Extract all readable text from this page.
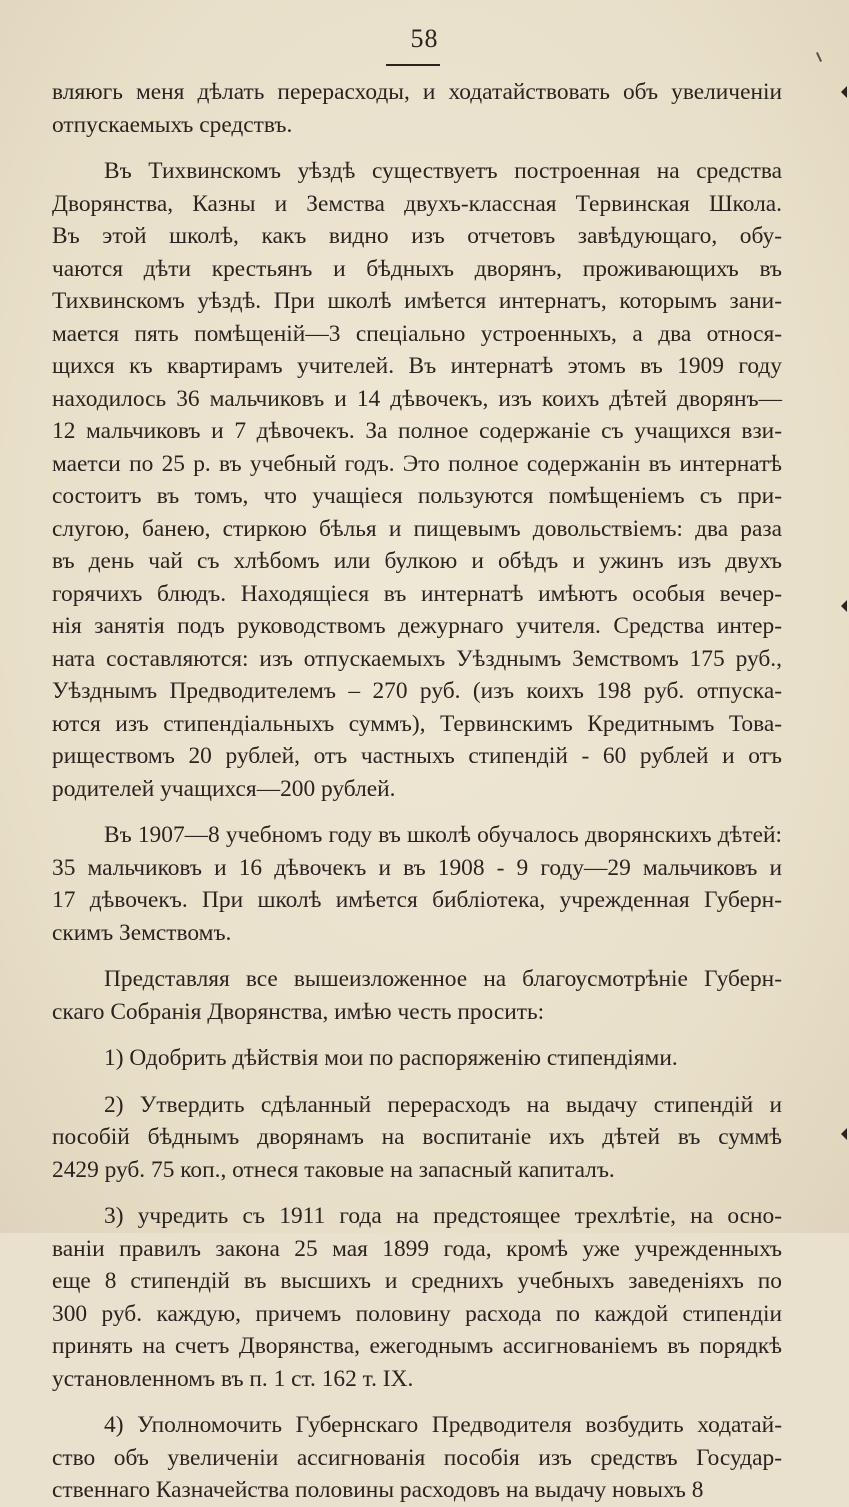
58
вляюгь меня дѣлать перерасходы, и ходатайствовать объ увеличеніи
отпускаемыхъ средствъ.
Въ Тихвинскомъ уѣздѣ существуетъ построенная на средства
Дворянства, Казны и Земства двухъ-классная Тервинская Школа.
Въ этой школѣ, какъ видно изъ отчетовъ завѣдующаго, обу-
чаются дѣти крестьянъ и бѣдныхъ дворянъ, проживающихъ въ
Тихвинскомъ уѣздѣ. При школѣ имѣется интернатъ, которымъ зани-
мается пять помѣщеній—3 спеціально устроенныхъ, а два относя-
щихся къ квартирамъ учителей. Въ интернатѣ этомъ въ 1909 году
находилось 36 мальчиковъ и 14 дѣвочекъ, изъ коихъ дѣтей дворянъ—
12 мальчиковъ и 7 дѣвочекъ. За полное содержаніе съ учащихся взи-
маетси по 25 р. въ учебный годъ. Это полное содержанін въ интернатѣ
состоитъ въ томъ, что учащіеся пользуются помѣщеніемъ съ при-
слугою, банею, стиркою бѣлья и пищевымъ довольствіемъ: два раза
въ день чай съ хлѣбомъ или булкою и обѣдъ и ужинъ изъ двухъ
горячихъ блюдъ. Находящіеся въ интернатѣ имѣютъ особыя вечер-
нія занятія подъ руководствомъ дежурнаго учителя. Средства интер-
ната составляются: изъ отпускаемыхъ Уѣзднымъ Земствомъ 175 руб.,
Уѣзднымъ Предводителемъ – 270 руб. (изъ коихъ 198 руб. отпуска-
ются изъ стипендіальныхъ суммъ), Тервинскимъ Кредитнымъ Това-
риществомъ 20 рублей, отъ частныхъ стипендій - 60 рублей и отъ
родителей учащихся—200 рублей.
Въ 1907—8 учебномъ году въ школѣ обучалось дворянскихъ дѣтей:
35 мальчиковъ и 16 дѣвочекъ и въ 1908 - 9 году—29 мальчиковъ и
17 дѣвочекъ. При школѣ имѣется библіотека, учрежденная Губерн-
скимъ Земствомъ.
Представляя все вышеизложенное на благоусмотрѣніе Губерн-
скаго Собранія Дворянства, имѣю честь просить:
1) Одобрить дѣйствія мои по распоряженію стипендіями.
2) Утвердить сдѣланный перерасходъ на выдачу стипендій и
пособій бѣднымъ дворянамъ на воспитаніе ихъ дѣтей въ суммѣ
2429 руб. 75 коп., отнеся таковые на запасный капиталъ.
3) учредить съ 1911 года на предстоящее трехлѣтіе, на осно-
ваніи правилъ закона 25 мая 1899 года, кромѣ уже учрежденныхъ
еще 8 стипендій въ высшихъ и среднихъ учебныхъ заведеніяхъ по
300 руб. каждую, причемъ половину расхода по каждой стипендіи
принять на счетъ Дворянства, ежегоднымъ ассигнованіемъ въ порядкѣ
установленномъ въ п. 1 ст. 162 т. IX.
4) Уполномочить Губернскаго Предводителя возбудить ходатай-
ство объ увеличеніи ассигнованія пособія изъ средствъ Государ-
ственнаго Казначейства половины расходовъ на выдачу новыхъ 8
